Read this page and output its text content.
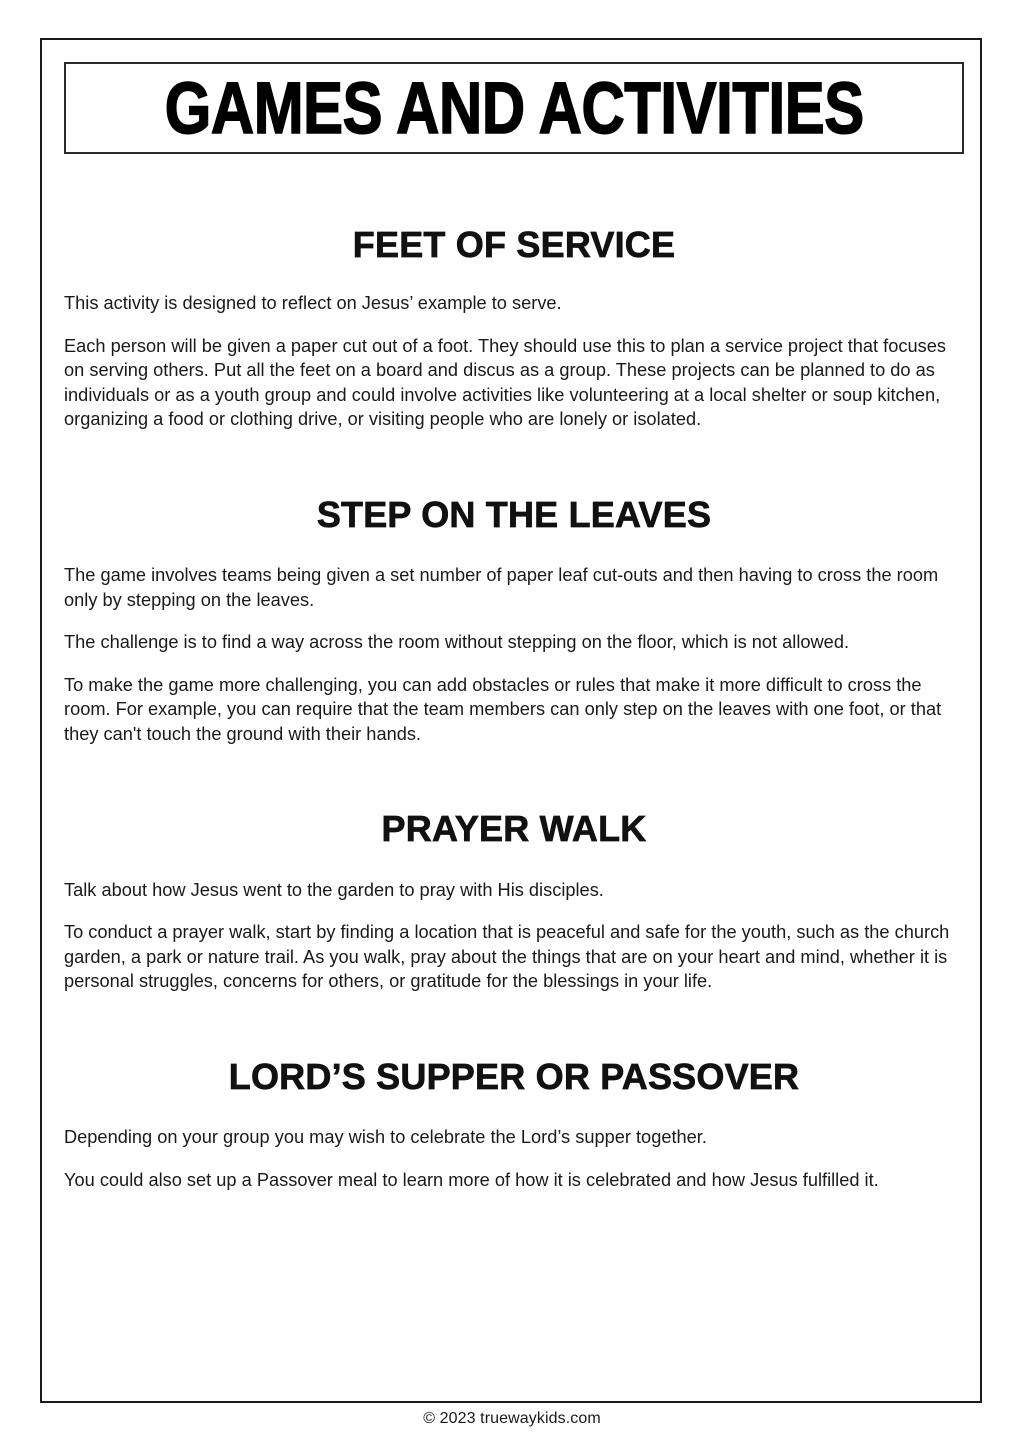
GAMES AND ACTIVITIES
FEET OF SERVICE

This activity is designed to reflect on Jesus’ example to serve.

Each person will be given a paper cut out of a foot. They should use this to plan a service project that focuses on serving others. Put all the feet on a board and discus as a group. These projects can be planned to do as individuals or as a youth group and could involve activities like volunteering at a local shelter or soup kitchen, organizing a food or clothing drive, or visiting people who are lonely or isolated.

STEP ON THE LEAVES

The game involves teams being given a set number of paper leaf cut-outs and then having to cross the room only by stepping on the leaves.

The challenge is to find a way across the room without stepping on the floor, which is not allowed.

To make the game more challenging, you can add obstacles or rules that make it more difficult to cross the room. For example, you can require that the team members can only step on the leaves with one foot, or that they can't touch the ground with their hands.

PRAYER WALK

Talk about how Jesus went to the garden to pray with His disciples.

To conduct a prayer walk, start by finding a location that is peaceful and safe for the youth, such as the church garden, a park or nature trail. As you walk, pray about the things that are on your heart and mind, whether it is personal struggles, concerns for others, or gratitude for the blessings in your life.

LORD’S SUPPER OR PASSOVER

Depending on your group you may wish to celebrate the Lord’s supper together.

You could also set up a Passover meal to learn more of how it is celebrated and how Jesus fulfilled it.

© 2023 truewaykids.com
